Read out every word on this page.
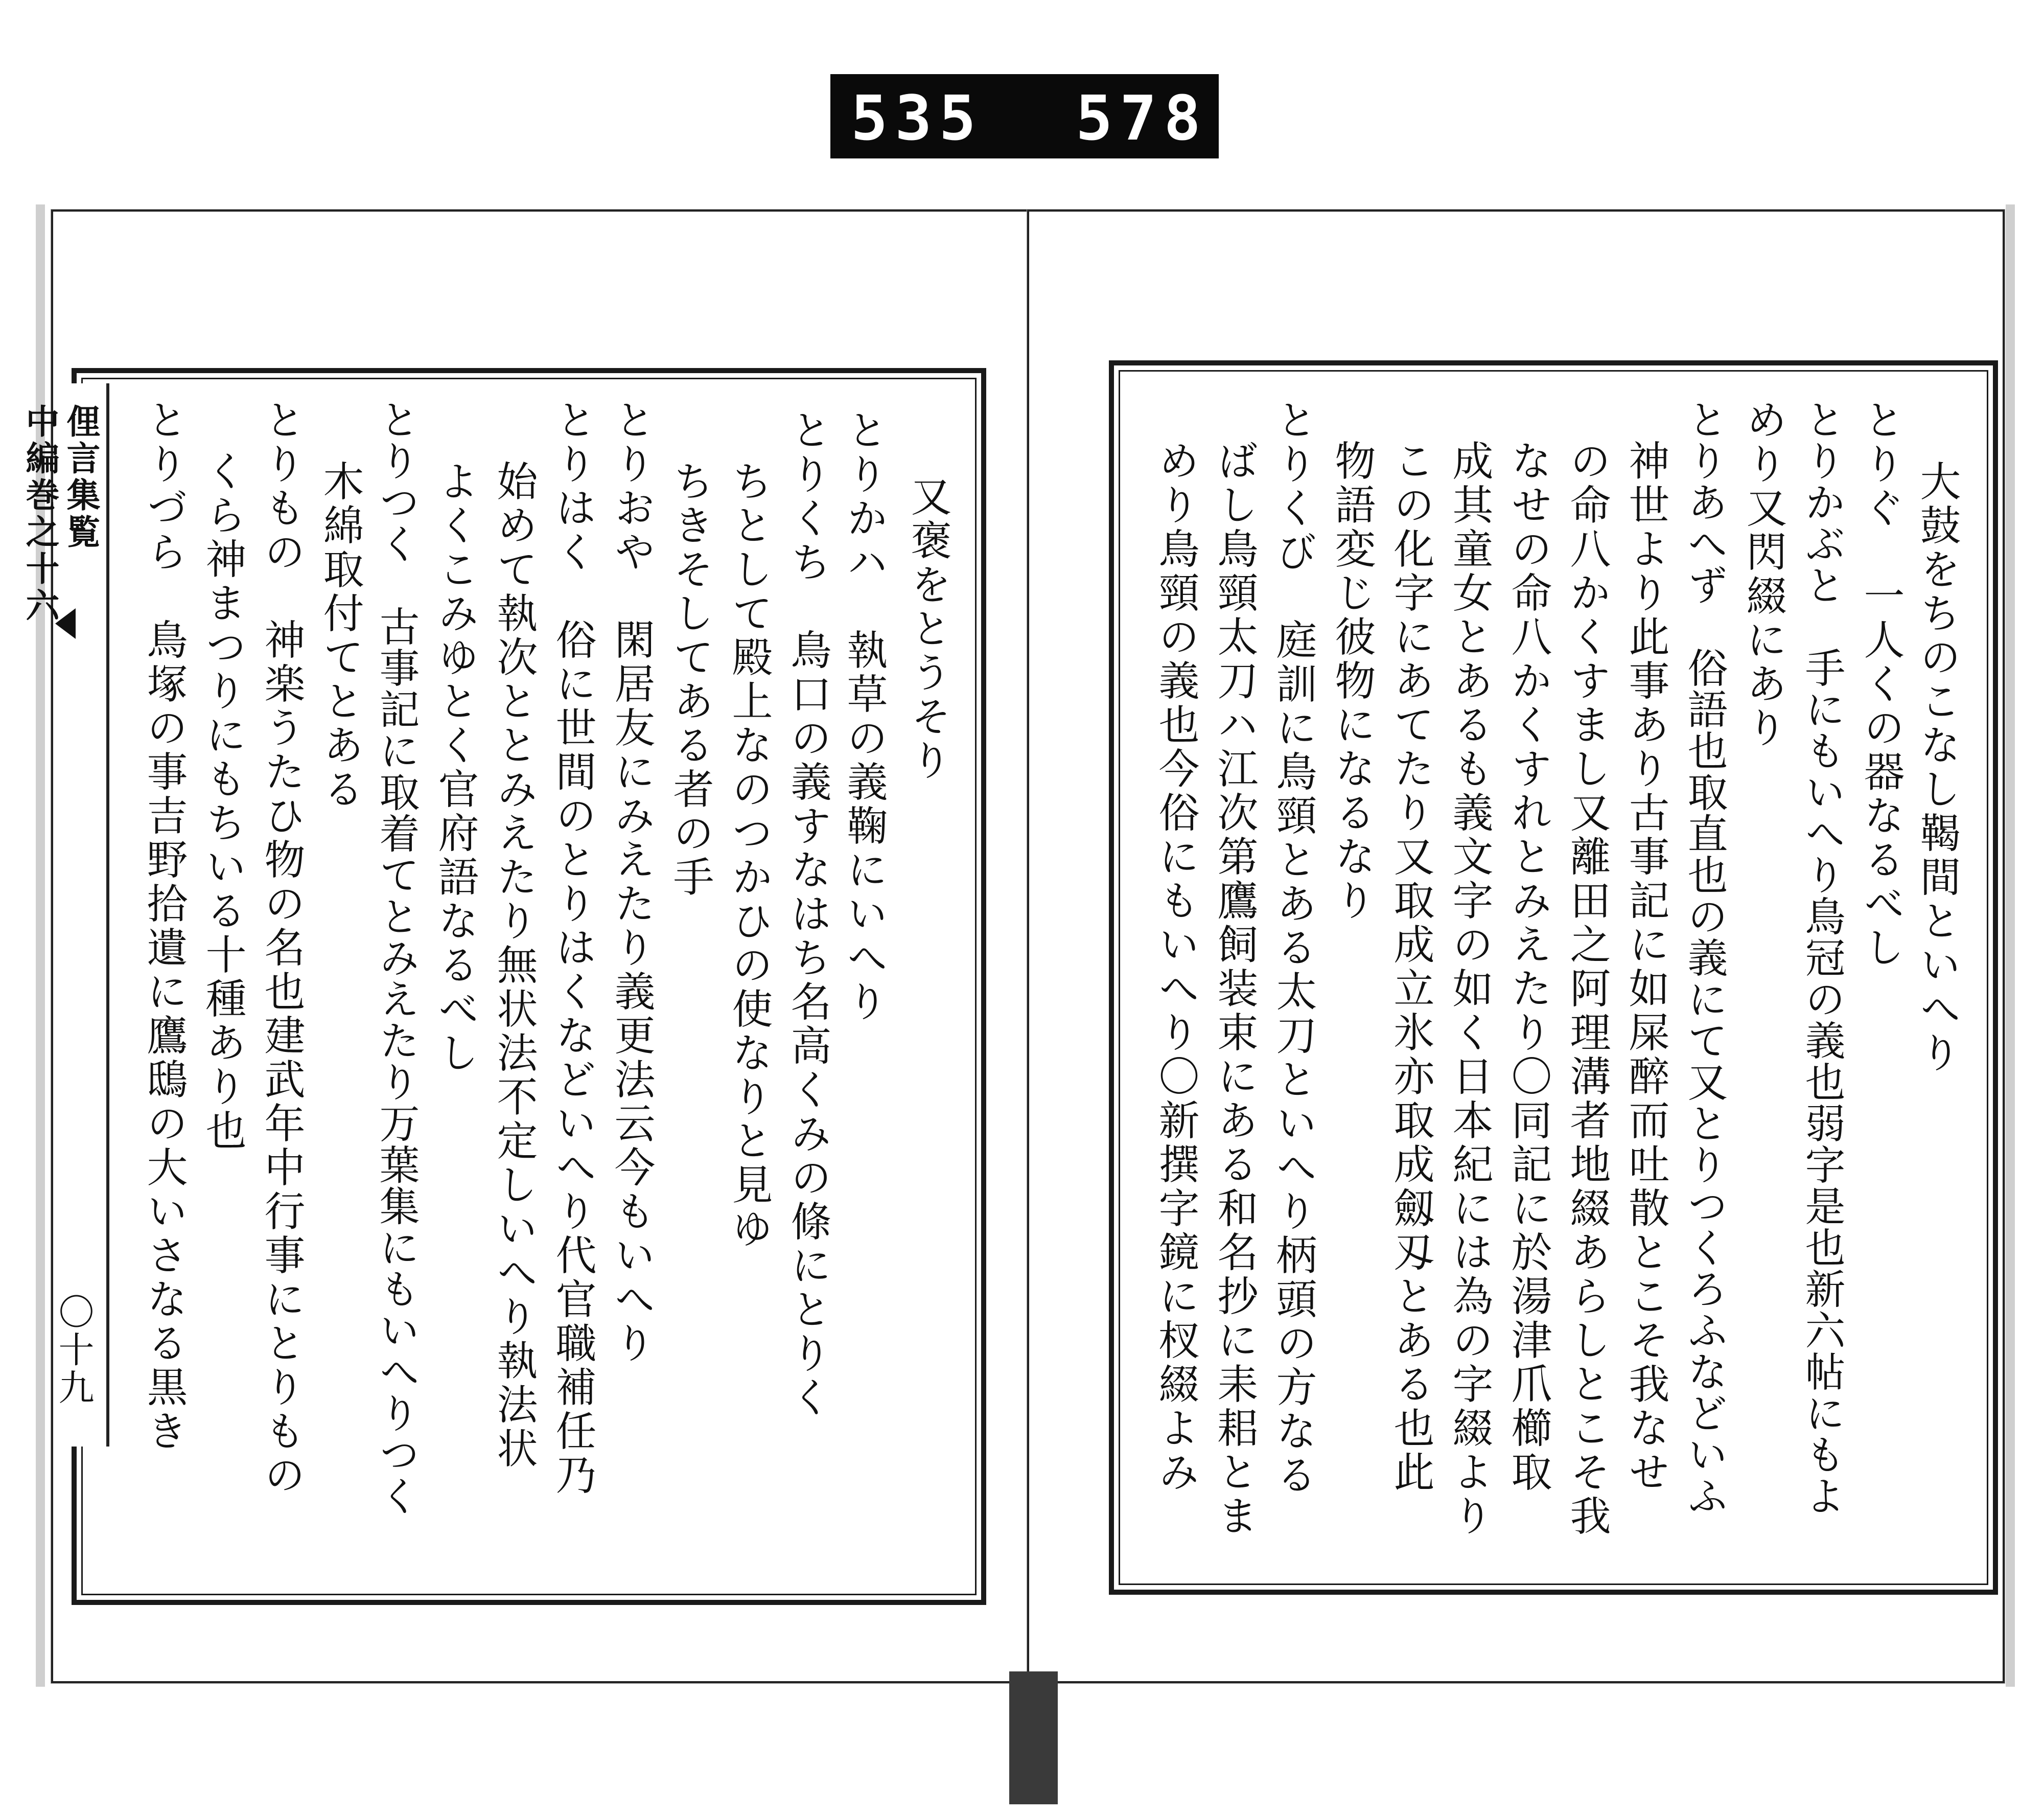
535 578.
俚言集覧
中編巻之十六
〇十九
又褒をとうそり
とりかハ　執草の義鞠にいへり
とりくち　鳥口の義すなはち名高くみの條にとりく
ちとして殿上なのつかひの使なりと見ゆ
ちきそしてある者の手
とりおや　閑居友にみえたり義更法云今もいへり
とりはく　俗に世間のとりはくなどいへり代官職補任乃
始めて執次ととみえたり無状法不定しいへり執法状
よくこみゆとく官府語なるべし
とりつく　古事記に取着てとみえたり万葉集にもいへりつく
木綿取付てとある
とりもの　神楽うたひ物の名也建武年中行事にとりもの
くら神まつりにもちいる十種あり也
とりづら　鳥塚の事吉野拾遺に鷹鴟の大いさなる黒き	大鼓をちのこなし鞨間といへり
とりぐ　一人くの器なるべし
とりかぶと　手にもいへり鳥冠の義也弱字是也新六帖にもよ
めり又閃綴にあり
とりあへず　俗語也取直也の義にて又とりつくろふなどいふ
神世より此事あり古事記に如屎醉而吐散とこそ我なせ
の命八かくすまし又離田之阿理溝者地綴あらしとこそ我
なせの命八かくすれとみえたり〇同記に於湯津爪櫛取
成其童女とあるも義文字の如く日本紀には為の字綴より
この化字にあてたり又取成立氷亦取成劔刄とある也此
物語変じ彼物になるなり
とりくび　庭訓に鳥頸とある太刀といへり柄頭の方なる
ばし鳥頸太刀ハ江次第鷹飼装束にある和名抄に耒耜とま
めり鳥頸の義也今俗にもいへり〇新撰字鏡に杈綴よみ
